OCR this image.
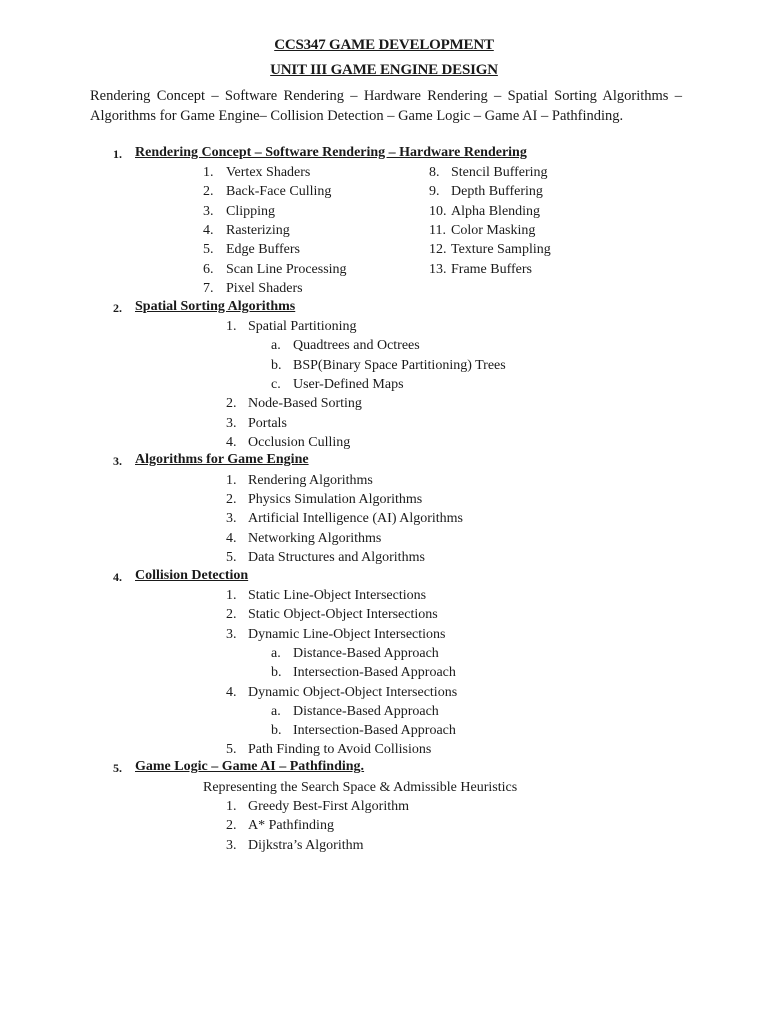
CCS347 GAME DEVELOPMENT
UNIT III GAME ENGINE DESIGN
Rendering Concept – Software Rendering – Hardware Rendering – Spatial Sorting Algorithms – Algorithms for Game Engine– Collision Detection – Game Logic – Game AI – Pathfinding.
1. Rendering Concept – Software Rendering – Hardware Rendering
1. Vertex Shaders
2. Back-Face Culling
3. Clipping
4. Rasterizing
5. Edge Buffers
6. Scan Line Processing
7. Pixel Shaders
8. Stencil Buffering
9. Depth Buffering
10. Alpha Blending
11. Color Masking
12. Texture Sampling
13. Frame Buffers
2. Spatial Sorting Algorithms
1. Spatial Partitioning
a. Quadtrees and Octrees
b. BSP(Binary Space Partitioning) Trees
c. User-Defined Maps
2. Node-Based Sorting
3. Portals
4. Occlusion Culling
3. Algorithms for Game Engine
1. Rendering Algorithms
2. Physics Simulation Algorithms
3. Artificial Intelligence (AI) Algorithms
4. Networking Algorithms
5. Data Structures and Algorithms
4. Collision Detection
1. Static Line-Object Intersections
2. Static Object-Object Intersections
3. Dynamic Line-Object Intersections
a. Distance-Based Approach
b. Intersection-Based Approach
4. Dynamic Object-Object Intersections
a. Distance-Based Approach
b. Intersection-Based Approach
5. Path Finding to Avoid Collisions
5. Game Logic – Game AI – Pathfinding.
Representing the Search Space & Admissible Heuristics
1. Greedy Best-First Algorithm
2. A* Pathfinding
3. Dijkstra’s Algorithm
